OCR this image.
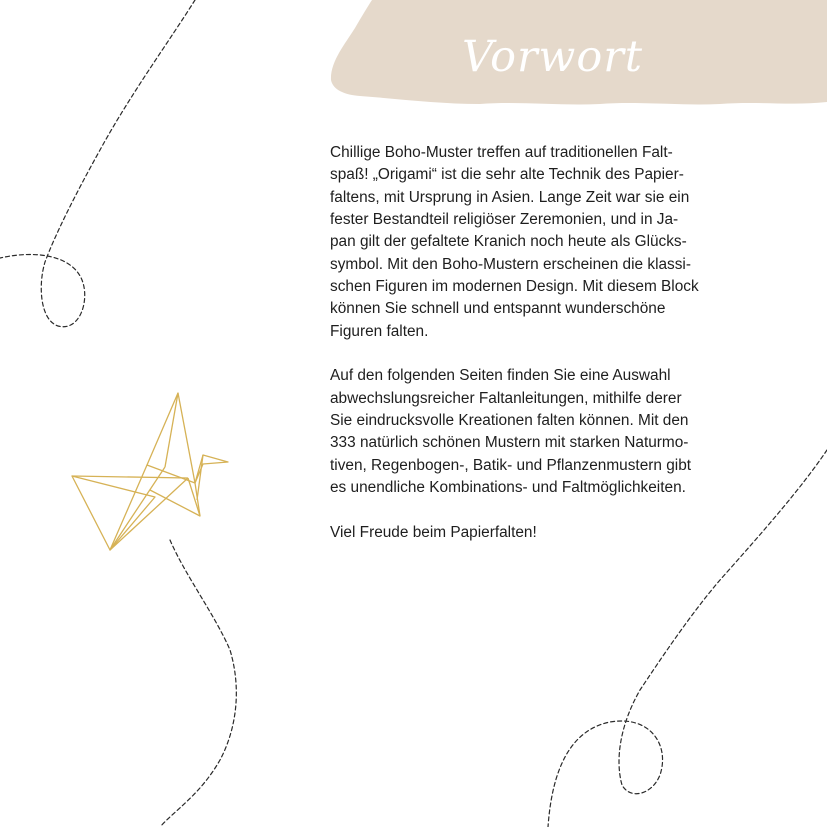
Vorwort

Chillige Boho-Muster treffen auf traditionellen Falt-
spaß! „Origami“ ist die sehr alte Technik des Papier-
faltens, mit Ursprung in Asien. Lange Zeit war sie ein
fester Bestandteil religiöser Zeremonien, und in Ja-
pan gilt der gefaltete Kranich noch heute als Glücks-
symbol. Mit den Boho-Mustern erscheinen die klassi-
schen Figuren im modernen Design. Mit diesem Block
können Sie schnell und entspannt wunderschöne
Figuren falten.

Auf den folgenden Seiten finden Sie eine Auswahl
abwechslungsreicher Faltanleitungen, mithilfe derer
Sie eindrucksvolle Kreationen falten können. Mit den
333 natürlich schönen Mustern mit starken Naturmo-
tiven, Regenbogen-, Batik- und Pflanzenmustern gibt
es unendliche Kombinations- und Faltmöglichkeiten.

Viel Freude beim Papierfalten!
